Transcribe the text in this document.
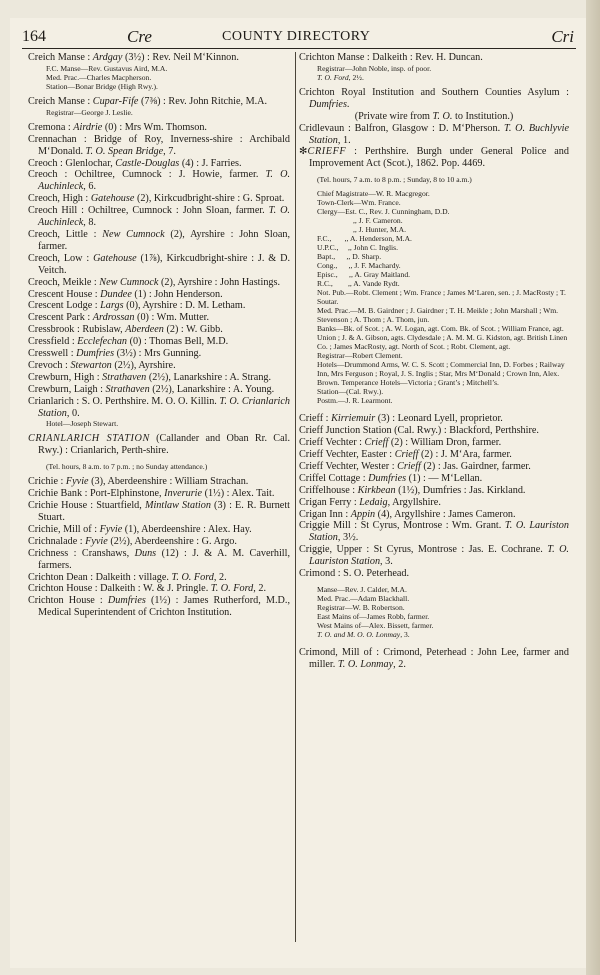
164	Cre	COUNTY DIRECTORY	Cri
Creich Manse : Ardgay (3½) : Rev. Neil M‘Kinnon.
F.C. Manse—Rev. Gustavus Aird, M.A.
Med. Prac.—Charles Macpherson.
Station—Bonar Bridge (High Rwy.).
Creich Manse : Cupar-Fife (7⅜) : Rev. John Ritchie, M.A.
Registrar—George J. Leslie.
Cremona : Airdrie (0) : Mrs Wm. Thomson.
Crennachan : Bridge of Roy, Inverness-shire : Archibald M‘Donald. T. O. Spean Bridge, 7.
Creoch : Glenlochar, Castle-Douglas (4) : J. Farries.
Creoch : Ochiltree, Cumnock : J. Howie, farmer. T. O. Auchinleck, 6.
Creoch, High : Gatehouse (2), Kirkcudbright-shire : G. Sproat.
Creoch Hill : Ochiltree, Cumnock : John Sloan, farmer. T. O. Auchinleck, 8.
Creoch, Little : New Cumnock (2), Ayrshire : John Sloan, farmer.
Creoch, Low : Gatehouse (1⅞), Kirkcudbright-shire : J. & D. Veitch.
Creoch, Meikle : New Cumnock (2), Ayrshire : John Hastings.
Crescent House : Dundee (1) : John Henderson.
Crescent Lodge : Largs (0), Ayrshire : D. M. Letham.
Crescent Park : Ardrossan (0) : Wm. Mutter.
Cressbrook : Rubislaw, Aberdeen (2) : W. Gibb.
Cressfield : Ecclefechan (0) : Thomas Bell, M.D.
Cresswell : Dumfries (3½) : Mrs Gunning.
Crevoch : Stewarton (2½), Ayrshire.
Crewburn, High : Strathaven (2½), Lanarkshire : A. Strang.
Crewburn, Laigh : Strathaven (2½), Lanarkshire : A. Young.
Crianlarich : S. O. Perthshire. M. O. O. Killin. T. O. Crianlarich Station, 0.
Hotel—Joseph Stewart.
CRIANLARICH STATION (Callander and Oban Rr. Cal. Rwy.) : Crianlarich, Perth-shire.
(Tel. hours, 8 a.m. to 7 p.m. ; no Sunday attendance.)
Crichie : Fyvie (3), Aberdeenshire : William Strachan.
Crichie Bank : Port-Elphinstone, Inverurie (1½) : Alex. Tait.
Crichie House : Stuartfield, Mintlaw Station (3) : E. R. Burnett Stuart.
Crichie, Mill of : Fyvie (1), Aberdeenshire : Alex. Hay.
Crichnalade : Fyvie (2½), Aberdeenshire : G. Argo.
Crichness : Cranshaws, Duns (12) : J. & A. M. Caverhill, farmers.
Crichton Dean : Dalkeith : village. T. O. Ford, 2.
Crichton House : Dalkeith : W. & J. Pringle. T. O. Ford, 2.
Crichton House : Dumfries (1½) : James Rutherford, M.D., Medical Superintendent of Crichton Institution.
Crichton Manse : Dalkeith : Rev. H. Duncan.
Registrar—John Noble, insp. of poor.
T. O. Ford, 2½.
Crichton Royal Institution and Southern Counties Asylum : Dumfries.
(Private wire from T. O. to Institution.)
Cridlevaun : Balfron, Glasgow : D. M‘Pherson. T. O. Buchlyvie Station, 1.
✻CRIEFF : Perthshire. Burgh under General Police and Improvement Act (Scot.), 1862. Pop. 4469.
(Tel. hours, 7 a.m. to 8 p.m. ; Sunday, 8 to 10 a.m.)
Chief Magistrate—W. R. Macgregor.
Town-Clerk—Wm. France.
Clergy—Est. C., Rev. J. Cunningham, D.D.
,, J. F. Cameron.
,, J. Hunter, M.A.
F.C.,       ,, A. Henderson, M.A.
U.P.C.,     ,, John C. Inglis.
Bapt.,      ,, D. Sharp.
Cong.,      ,, J. F. Machardy.
Episc.,      ,, A. Gray Maitland.
R.C.,        ,, A. Vande Rydt.
Not. Pub.—Robt. Clement ; Wm. France ; James M‘Laren, sen. ; J. MacRosty ; T. Soutar.
Med. Prac.—M. B. Gairdner ; J. Gairdner ; T. H. Meikle ; John Marshall ; Wm. Stevenson ; A. Thom ; A. Thom, jun.
Banks—Bk. of Scot. ; A. W. Logan, agt. Com. Bk. of Scot. ; William France, agt. Union ; J. & A. Gibson, agts. Clydesdale ; A. M. M. G. Kidston, agt. British Linen Co. ; James MacRosty, agt. North of Scot. ; Robt. Clement, agt.
Registrar—Robert Clement.
Hotels—Drummond Arms, W. C. S. Scott ; Commercial Inn, D. Forbes ; Railway Inn, Mrs Ferguson ; Royal, J. S. Inglis ; Star, Mrs M‘Donald ; Crown Inn, Alex. Brown. Temperance Hotels—Victoria ; Grant’s ; Mitchell’s.
Station—(Cal. Rwy.).
Postm.—J. R. Learmont.
Crieff : Kirriemuir (3) : Leonard Lyell, proprietor.
Crieff Junction Station (Cal. Rwy.) : Blackford, Perthshire.
Crieff Vechter : Crieff (2) : William Dron, farmer.
Crieff Vechter, Easter : Crieff (2) : J. M‘Ara, farmer.
Crieff Vechter, Wester : Crieff (2) : Jas. Gairdner, farmer.
Criffel Cottage : Dumfries (1) : — M‘Lellan.
Criffelhouse : Kirkbean (1½), Dumfries : Jas. Kirkland.
Crigan Ferry : Ledaig, Argyllshire.
Crigan Inn : Appin (4), Argyllshire : James Cameron.
Criggie Mill : St Cyrus, Montrose : Wm. Grant. T. O. Lauriston Station, 3½.
Criggie, Upper : St Cyrus, Montrose : Jas. E. Cochrane. T. O. Lauriston Station, 3.
Crimond : S. O. Peterhead.
Manse—Rev. J. Calder, M.A.
Med. Prac.—Adam Blackhall.
Registrar—W. B. Robertson.
East Mains of—James Robb, farmer.
West Mains of—Alex. Bissett, farmer.
T. O. and M. O. O. Lonmay, 3.
Crimond, Mill of : Crimond, Peterhead : John Lee, farmer and miller. T. O. Lonmay, 2.
